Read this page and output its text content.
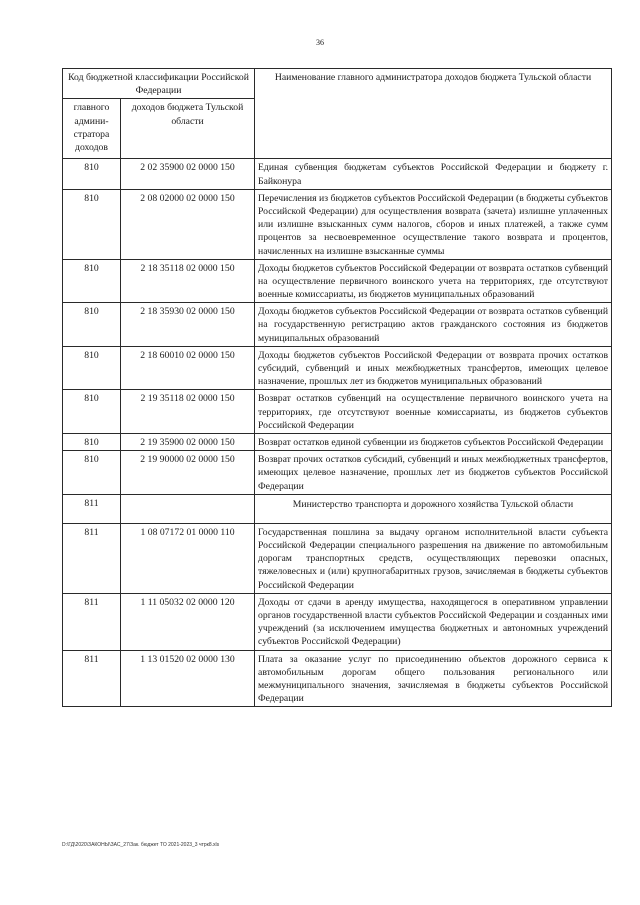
36
Код бюджетной классификации Российской Федерации		Наименование главного администратора доходов бюджета Тульской области
главного админи-стратора доходов	доходов бюджета Тульской области	
810	2 02 35900 02 0000 150	Единая субвенция бюджетам субъектов Российской Федерации и бюджету г. Байконура
810	2 08 02000 02 0000 150	Перечисления из бюджетов субъектов Российской Федерации (в бюджеты субъектов Российской Федерации) для осуществления возврата (зачета) излишне уплаченных или излишне взысканных сумм налогов, сборов и иных платежей, а также сумм процентов за несвоевременное осуществление такого возврата и процентов, начисленных на излишне взысканные суммы
810	2 18 35118 02 0000 150	Доходы бюджетов субъектов Российской Федерации от возврата остатков субвенций на осуществление первичного воинского учета на территориях, где отсутствуют военные комиссариаты, из бюджетов муниципальных образований
810	2 18 35930 02 0000 150	Доходы бюджетов субъектов Российской Федерации от возврата остатков субвенций на государственную регистрацию актов гражданского состояния из бюджетов муниципальных образований
810	2 18 60010 02 0000 150	Доходы бюджетов субъектов Российской Федерации от возврата прочих остатков субсидий, субвенций и иных межбюджетных трансфертов, имеющих целевое назначение, прошлых лет из бюджетов муниципальных образований
810	2 19 35118 02 0000 150	Возврат остатков субвенций на осуществление первичного воинского учета на территориях, где отсутствуют военные комиссариаты, из бюджетов субъектов Российской Федерации
810	2 19 35900 02 0000 150	Возврат остатков единой субвенции из бюджетов субъектов Российской Федерации
810	2 19 90000 02 0000 150	Возврат прочих остатков субсидий, субвенций и иных межбюджетных трансфертов, имеющих целевое назначение, прошлых лет из бюджетов субъектов Российской Федерации
811		Министерство транспорта и дорожного хозяйства Тульской области
811	1 08 07172 01 0000 110	Государственная пошлина за выдачу органом исполнительной власти субъекта Российской Федерации специального разрешения на движение по автомобильным дорогам транспортных средств, осуществляющих перевозки опасных, тяжеловесных и (или) крупногабаритных грузов, зачисляемая в бюджеты субъектов Российской Федерации
811	1 11 05032 02 0000 120	Доходы от сдачи в аренду имущества, находящегося в оперативном управлении органов государственной власти субъектов Российской Федерации и созданных ими учреждений (за исключением имущества бюджетных и автономных учреждений субъектов Российской Федерации)
811	1 13 01520 02 0000 130	Плата за оказание услуг по присоединению объектов дорожного сервиса к автомобильным дорогам общего пользования регионального или межмуниципального значения, зачисляемая в бюджеты субъектов Российской Федерации
D:\ГД\2020\ЗАКОНЫ\ЗАС_27\Зак. бюджет ТО 2021-2023_3 чтрк8.xls
